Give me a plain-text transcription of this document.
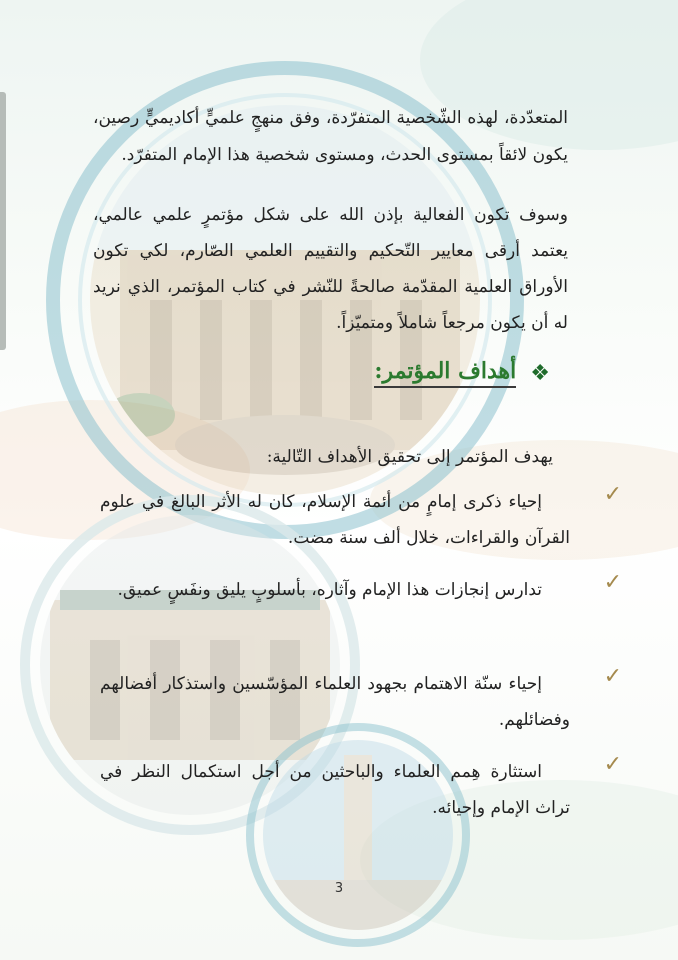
المتعدّدة، لهذه الشّخصية المتفرّدة، وفق منهجٍ علميٍّ أكاديميٍّ رصين، يكون لائقاً بمستوى الحدث، ومستوى شخصية هذا الإمام المتفرّد.

وسوف تكون الفعالية بإذن الله على شكل مؤتمرٍ علمي عالمي، يعتمد أرقى معايير التّحكيم والتقييم العلمي الصّارم، لكي تكون الأوراق العلمية المقدّمة صالحةً للنّشر في كتاب المؤتمر، الذي نريد له أن يكون مرجعاً شاملاً ومتميّزاً.

❖
أهداف المؤتمر:

يهدف المؤتمر إلى تحقيق الأهداف التّالية:

✓
إحياء ذكرى إمامٍ من أئمة الإسلام، كان له الأثر البالغ في علوم القرآن والقراءات، خلال ألف سنة مضت.
✓
تدارس إنجازات هذا الإمام وآثاره، بأسلوبٍ يليق ونفَسٍ عميق.
✓
إحياء سنّة الاهتمام بجهود العلماء المؤسّسين واستذكار أفضالهم وفضائلهم.
✓
استثارة هِمم العلماء والباحثين من أجل استكمال النظر في تراث الإمام وإحيائه.
3
